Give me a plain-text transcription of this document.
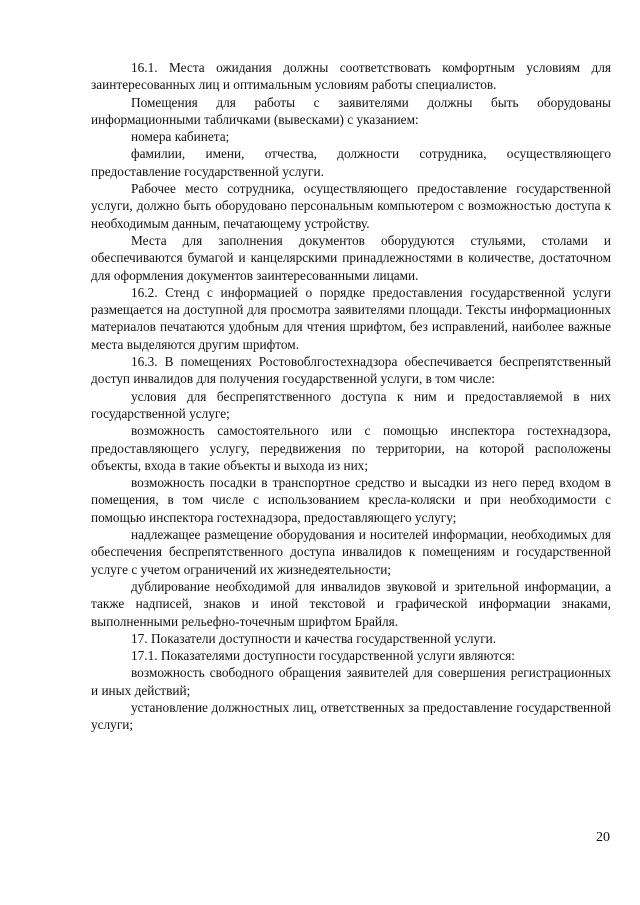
16.1. Места ожидания должны соответствовать комфортным условиям для заинтересованных лиц и оптимальным условиям работы специалистов.

Помещения для работы с заявителями должны быть оборудованы информационными табличками (вывесками) с указанием:

номера кабинета;

фамилии, имени, отчества, должности сотрудника, осуществляющего предоставление государственной услуги.

Рабочее место сотрудника, осуществляющего предоставление государственной услуги, должно быть оборудовано персональным компьютером с возможностью доступа к необходимым данным, печатающему устройству.

Места для заполнения документов оборудуются стульями, столами и обеспечиваются бумагой и канцелярскими принадлежностями в количестве, достаточном для оформления документов заинтересованными лицами.

16.2. Стенд с информацией о порядке предоставления государственной услуги размещается на доступной для просмотра заявителями площади. Тексты информационных материалов печатаются удобным для чтения шрифтом, без исправлений, наиболее важные места выделяются другим шрифтом.

16.3. В помещениях Ростовоблгостехнадзора обеспечивается беспрепятственный доступ инвалидов для получения государственной услуги, в том числе:

условия для беспрепятственного доступа к ним и предоставляемой в них государственной услуге;

возможность самостоятельного или с помощью инспектора гостехнадзора, предоставляющего услугу, передвижения по территории, на которой расположены объекты, входа в такие объекты и выхода из них;

возможность посадки в транспортное средство и высадки из него перед входом в помещения, в том числе с использованием кресла-коляски и при необходимости с помощью инспектора гостехнадзора, предоставляющего услугу;

надлежащее размещение оборудования и носителей информации, необходимых для обеспечения беспрепятственного доступа инвалидов к помещениям и государственной услуге с учетом ограничений их жизнедеятельности;

дублирование необходимой для инвалидов звуковой и зрительной информации, а также надписей, знаков и иной текстовой и графической информации знаками, выполненными рельефно-точечным шрифтом Брайля.

17. Показатели доступности и качества государственной услуги.

17.1. Показателями доступности государственной услуги являются:

возможность свободного обращения заявителей для совершения регистрационных и иных действий;

установление должностных лиц, ответственных за предоставление государственной услуги;

20
